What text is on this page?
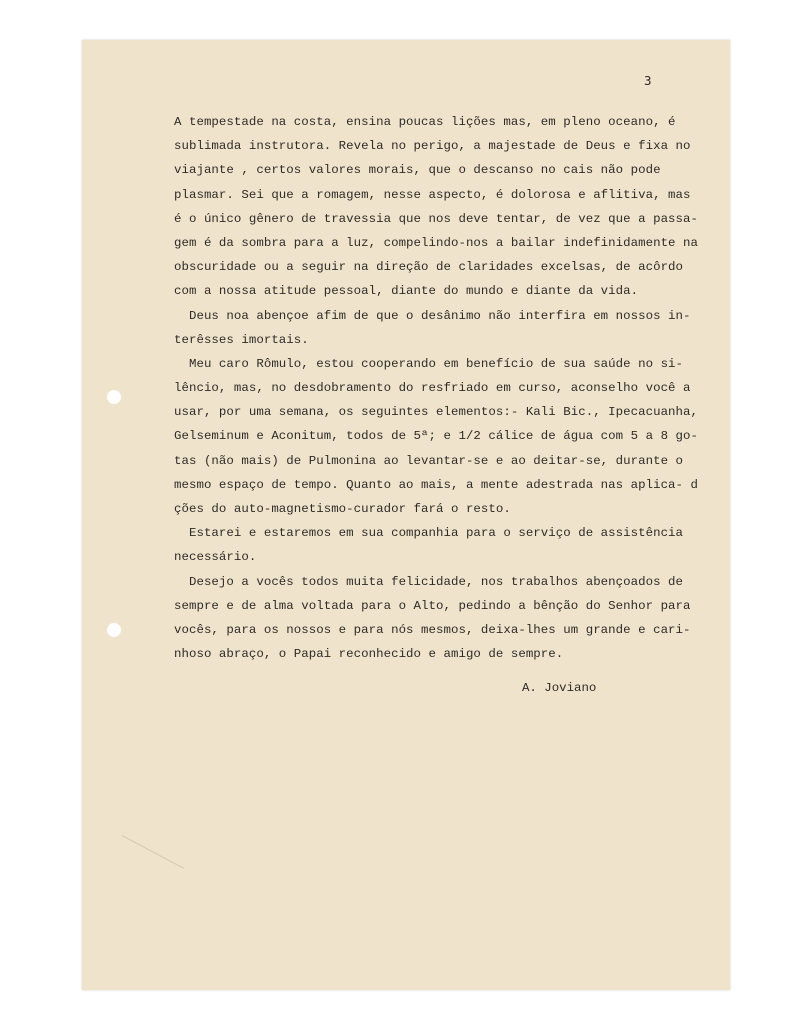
3
A tempestade na costa, ensina poucas lições mas, em pleno oceano, é
sublimada instrutora. Revela no perigo, a majestade de Deus e fixa no
viajante , certos valores morais, que o descanso no cais não pode
plasmar. Sei que a romagem, nesse aspecto, é dolorosa e aflitiva, mas
é o único gênero de travessia que nos deve tentar, de vez que a passa-
gem é da sombra para a luz, compelindo-nos a bailar indefinidamente na
obscuridade ou a seguir na direção de claridades excelsas, de acôrdo
com a nossa atitude pessoal, diante do mundo e diante da vida.
Deus noa abençoe afim de que o desânimo não interfira em nossos in-
terêsses imortais.
Meu caro Rômulo, estou cooperando em benefício de sua saúde no si-
lêncio, mas, no desdobramento do resfriado em curso, aconselho você a
usar, por uma semana, os seguintes elementos:- Kali Bic., Ipecacuanha,
Gelseminum e Aconitum, todos de 5ª; e 1/2 cálice de água com 5 a 8 go-
tas (não mais) de Pulmonina ao levantar-se e ao deitar-se, durante o
mesmo espaço de tempo. Quanto ao mais, a mente adestrada nas aplica- d
ções do auto-magnetismo-curador fará o resto.
Estarei e estaremos em sua companhia para o serviço de assistência
necessário.
Desejo a vocês todos muita felicidade, nos trabalhos abençoados de
sempre e de alma voltada para o Alto, pedindo a bênção do Senhor para
vocês, para os nossos e para nós mesmos, deixa-lhes um grande e cari-
nhoso abraço, o Papai reconhecido e amigo de sempre.
A. Joviano
